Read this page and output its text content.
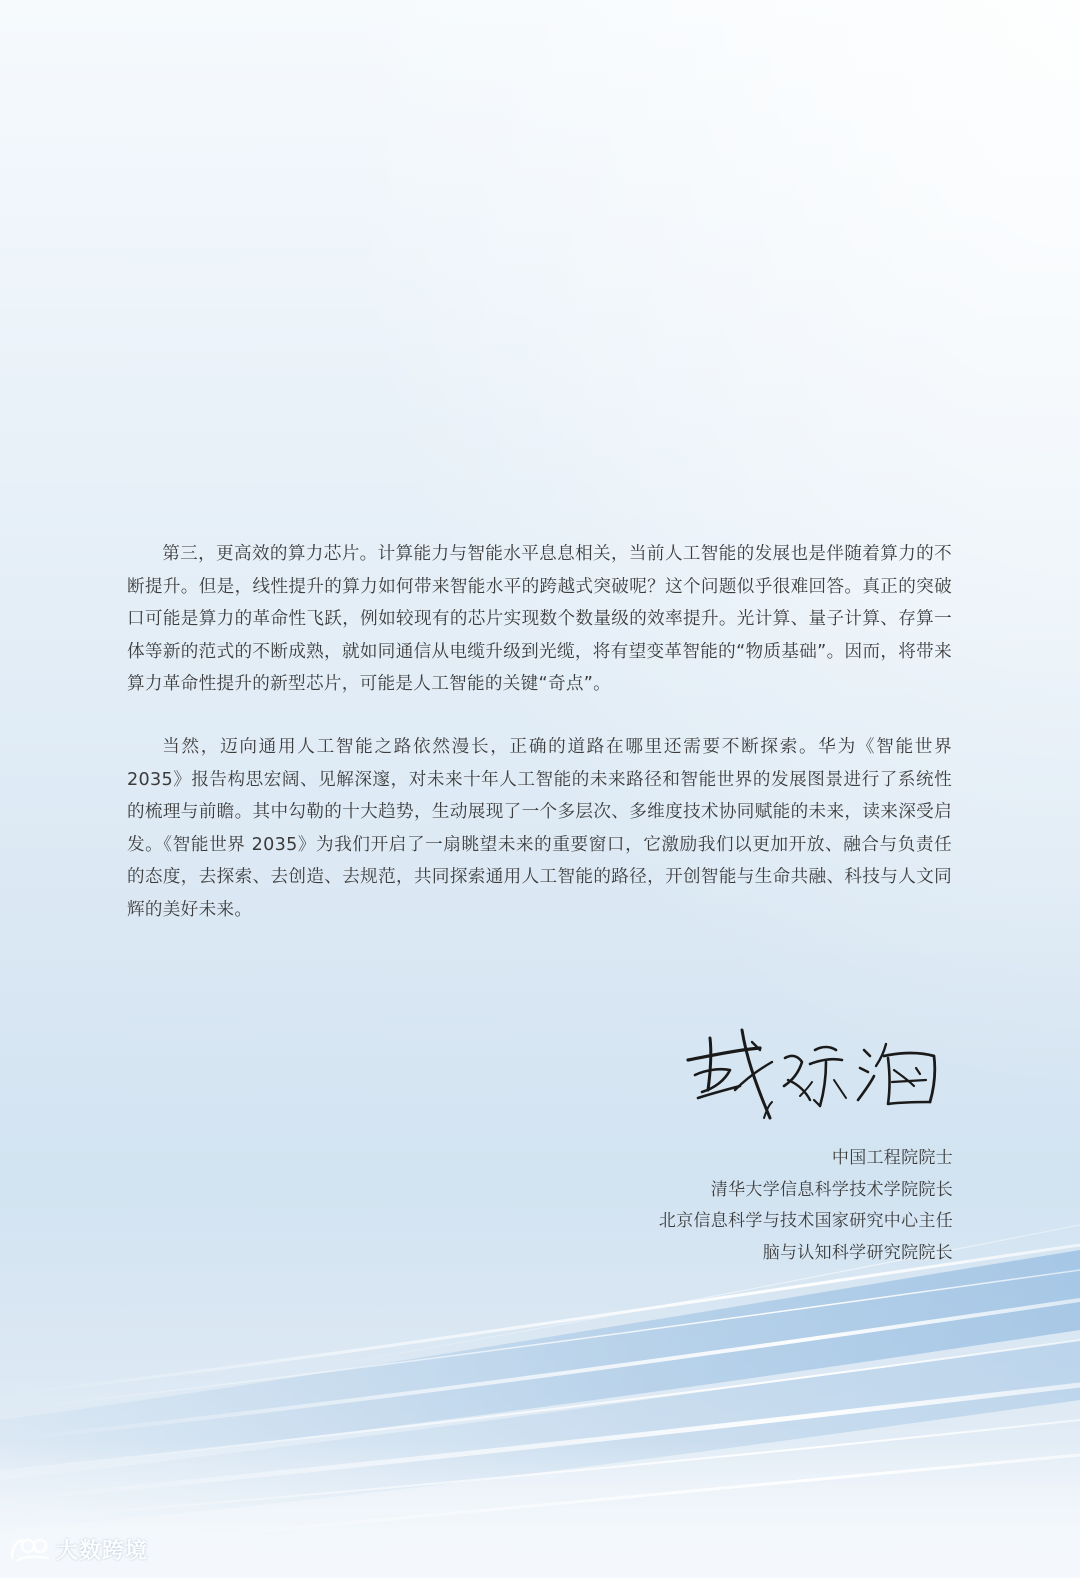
第三，更高效的算力芯片。计算能力与智能水平息息相关，当前人工智能的发展也是伴随着算力的不断提升。但是，线性提升的算力如何带来智能水平的跨越式突破呢？这个问题似乎很难回答。真正的突破口可能是算力的革命性飞跃，例如较现有的芯片实现数个数量级的效率提升。光计算、量子计算、存算一体等新的范式的不断成熟，就如同通信从电缆升级到光缆，将有望变革智能的“物质基础”。因而，将带来算力革命性提升的新型芯片，可能是人工智能的关键“奇点”。

当然，迈向通用人工智能之路依然漫长，正确的道路在哪里还需要不断探索。华为《智能世界 2035》报告构思宏阔、见解深邃，对未来十年人工智能的未来路径和智能世界的发展图景进行了系统性的梳理与前瞻。其中勾勒的十大趋势，生动展现了一个多层次、多维度技术协同赋能的未来，读来深受启发。《智能世界 2035》为我们开启了一扇眺望未来的重要窗口，它激励我们以更加开放、融合与负责任的态度，去探索、去创造、去规范，共同探索通用人工智能的路径，开创智能与生命共融、科技与人文同辉的美好未来。

中国工程院院士
清华大学信息科学技术学院院长
北京信息科学与技术国家研究中心主任
脑与认知科学研究院院长
大数跨境
